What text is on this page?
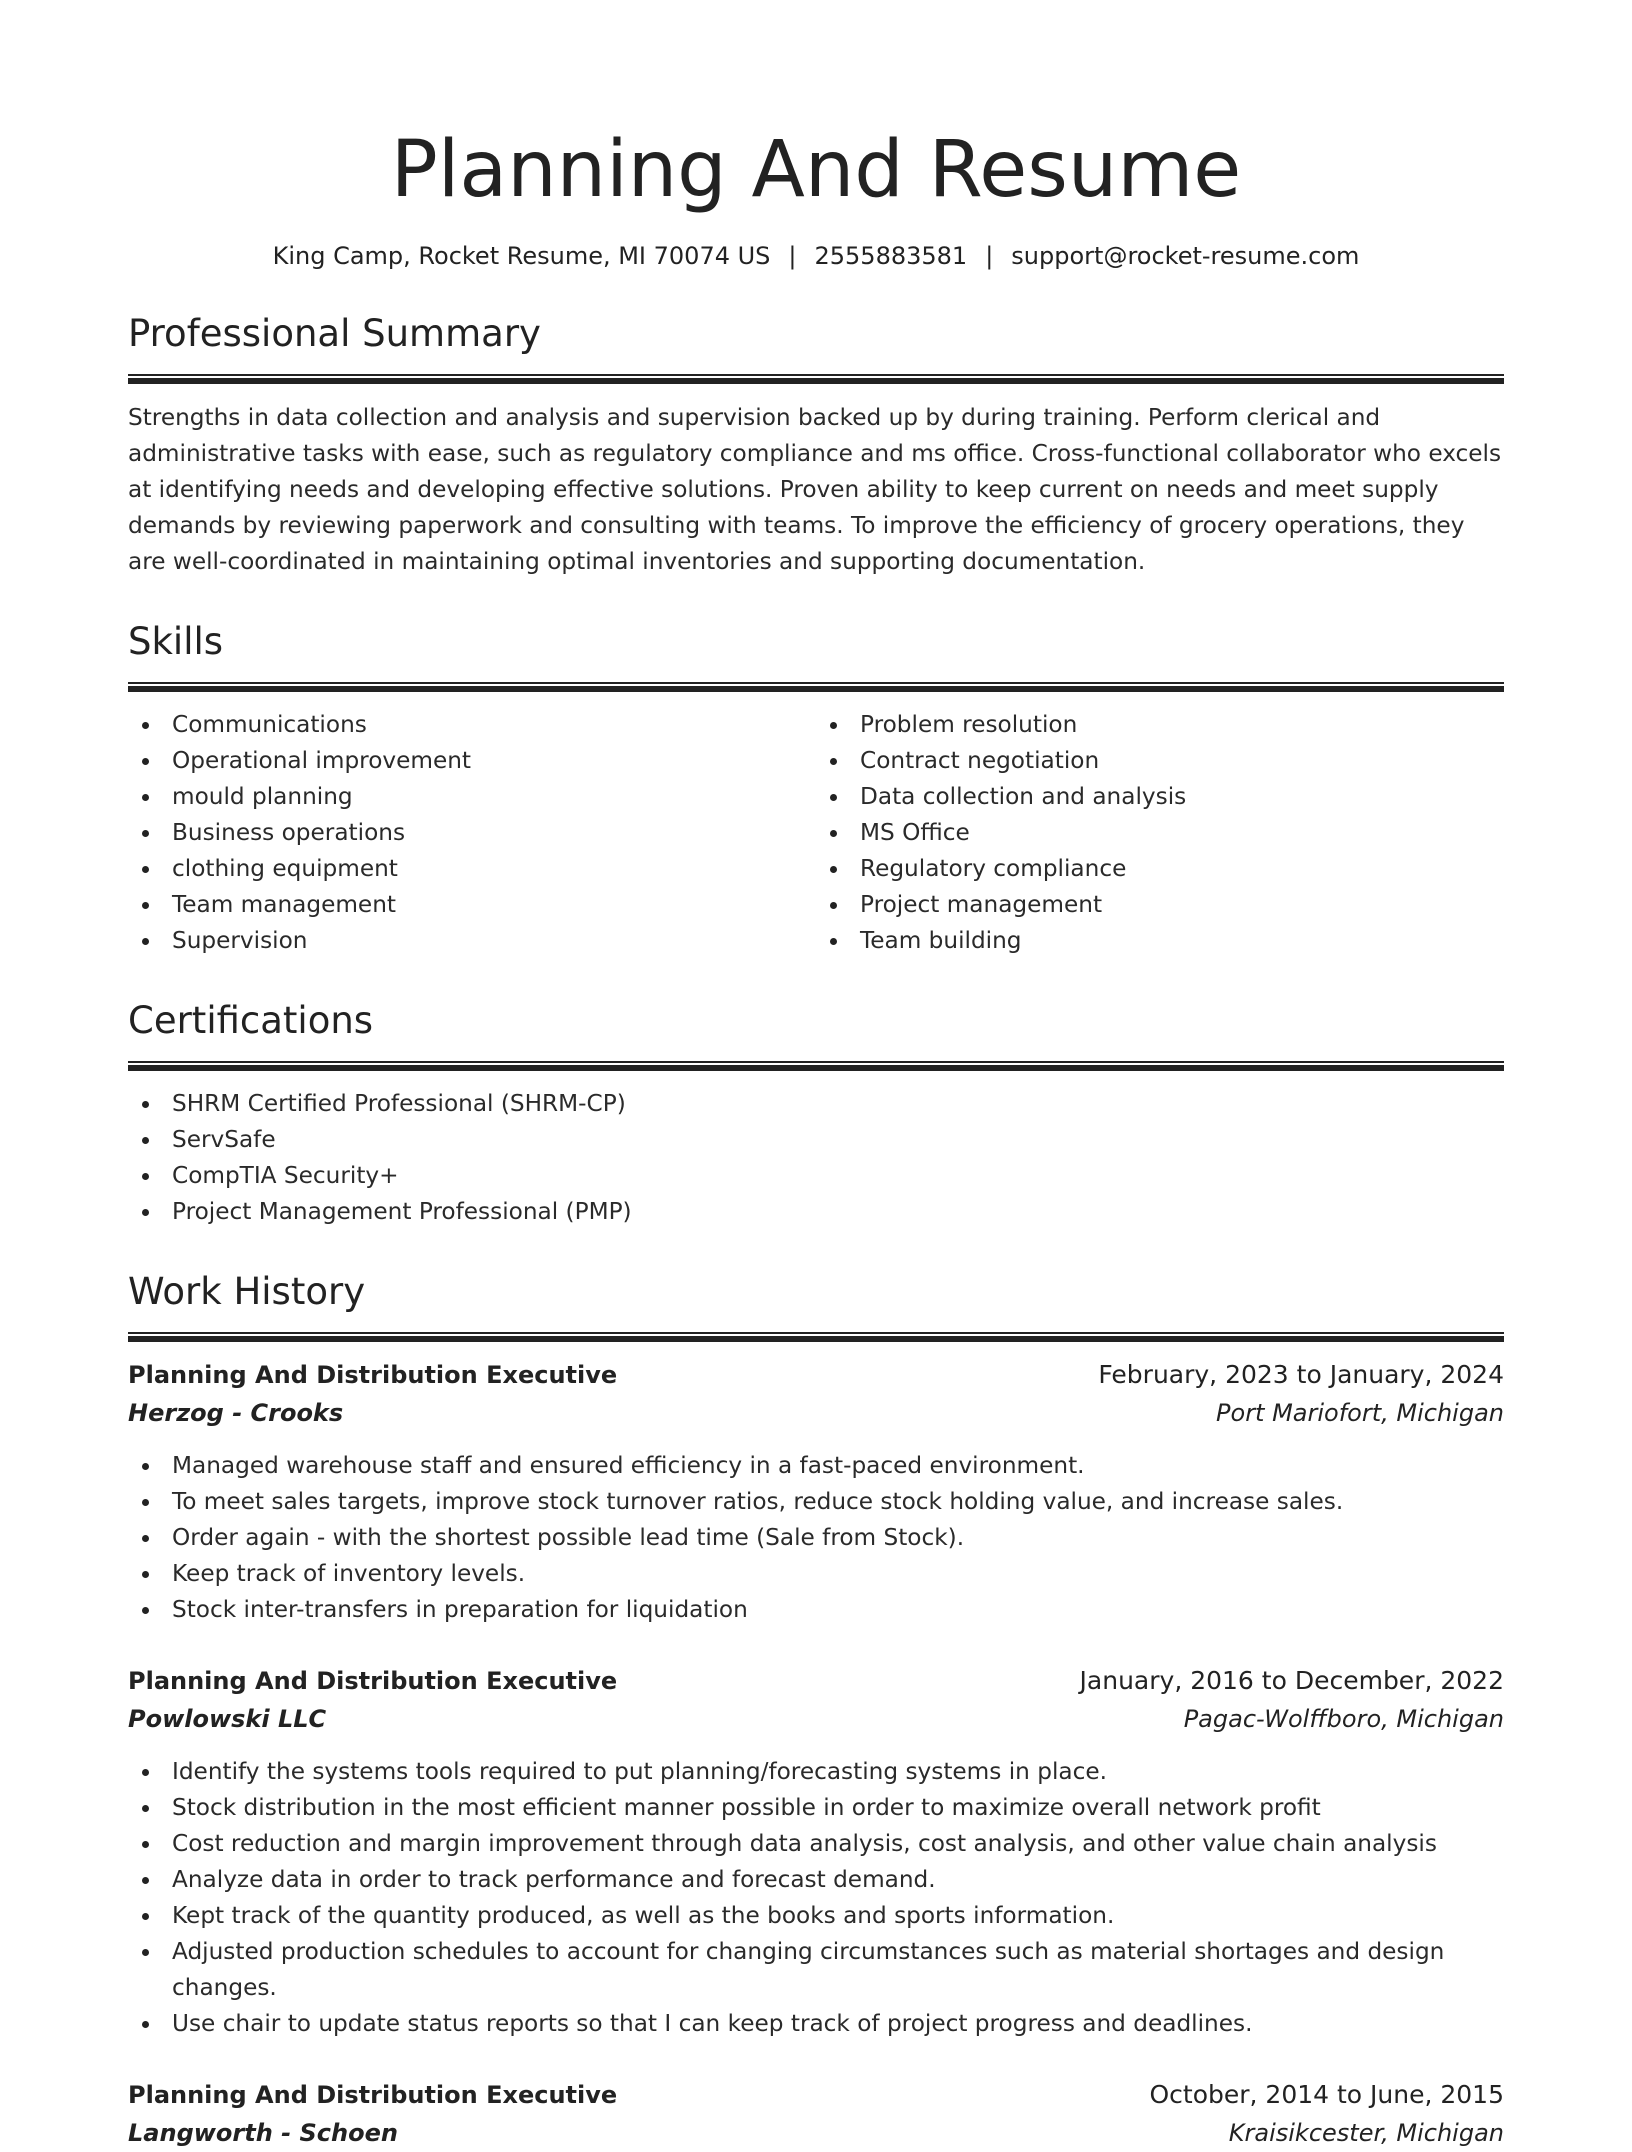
Planning And Resume
King Camp, Rocket Resume, MI 70074 US | 2555883581 | support@rocket-resume.com
Professional Summary

Strengths in data collection and analysis and supervision backed up by during training. Perform clerical and administrative tasks with ease, such as regulatory compliance and ms office. Cross-functional collaborator who excels at identifying needs and developing effective solutions. Proven ability to keep current on needs and meet supply demands by reviewing paperwork and consulting with teams. To improve the efficiency of grocery operations, they are well-coordinated in maintaining optimal inventories and supporting documentation.

Skills
Communications
Operational improvement
mould planning
Business operations
clothing equipment
Team management
Supervision
Problem resolution
Contract negotiation
Data collection and analysis
MS Office
Regulatory compliance
Project management
Team building
Certifications
SHRM Certified Professional (SHRM-CP)
ServSafe
CompTIA Security+
Project Management Professional (PMP)
Work History
Planning And Distribution Executive	February, 2023 to January, 2024
Herzog - Crooks	Port Mariofort, Michigan
Managed warehouse staff and ensured efficiency in a fast-paced environment.
To meet sales targets, improve stock turnover ratios, reduce stock holding value, and increase sales.
Order again - with the shortest possible lead time (Sale from Stock).
Keep track of inventory levels.
Stock inter-transfers in preparation for liquidation
Planning And Distribution Executive	January, 2016 to December, 2022
Powlowski LLC	Pagac-Wolffboro, Michigan
Identify the systems tools required to put planning/forecasting systems in place.
Stock distribution in the most efficient manner possible in order to maximize overall network profit
Cost reduction and margin improvement through data analysis, cost analysis, and other value chain analysis
Analyze data in order to track performance and forecast demand.
Kept track of the quantity produced, as well as the books and sports information.
Adjusted production schedules to account for changing circumstances such as material shortages and design changes.
Use chair to update status reports so that I can keep track of project progress and deadlines.
Planning And Distribution Executive	October, 2014 to June, 2015
Langworth - Schoen	Kraisikcester, Michigan
